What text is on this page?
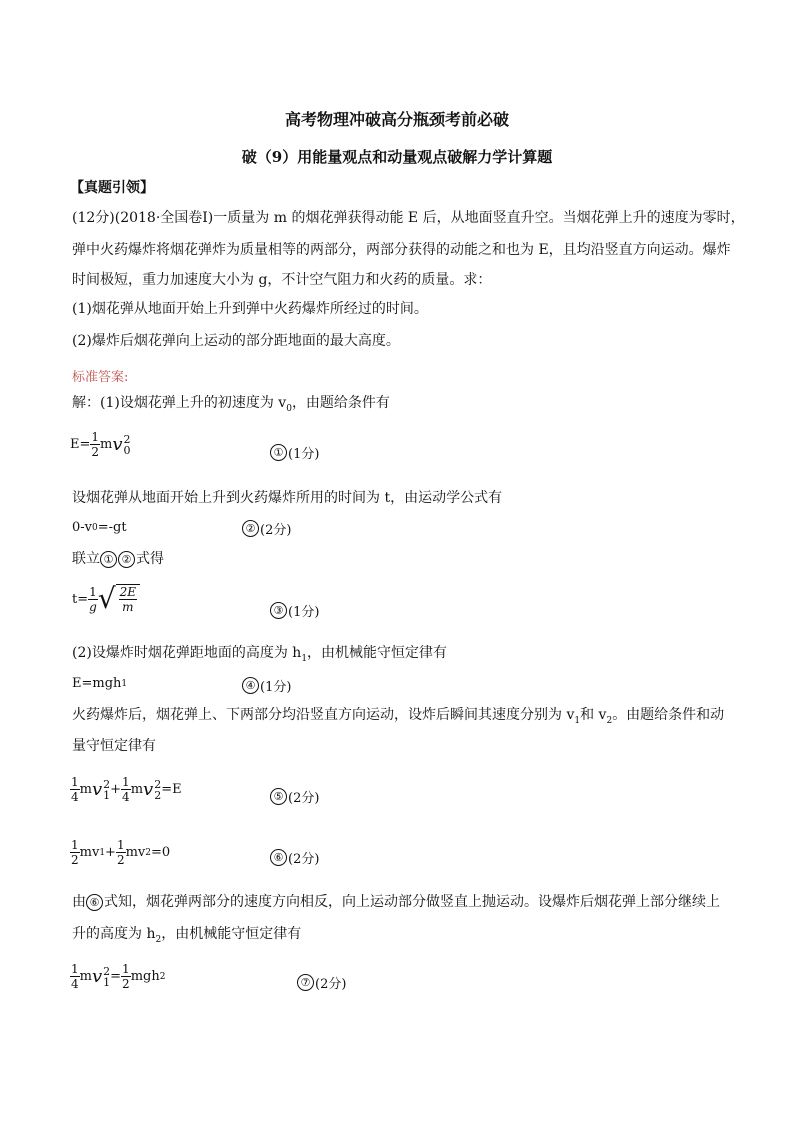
高考物理冲破高分瓶颈考前必破
破（9）用能量观点和动量观点破解力学计算题
【真题引领】
(12分)(2018·全国卷Ⅰ)一质量为 m 的烟花弹获得动能 E 后，从地面竖直升空。当烟花弹上升的速度为零时，
弹中火药爆炸将烟花弹炸为质量相等的两部分，两部分获得的动能之和也为 E，且均沿竖直方向运动。爆炸
时间极短，重力加速度大小为 g，不计空气阻力和火药的质量。求：
(1)烟花弹从地面开始上升到弹中火药爆炸所经过的时间。
(2)爆炸后烟花弹向上运动的部分距地面的最大高度。
标准答案:
解：(1)设烟花弹上升的初速度为 $v_0$，由题给条件有
$E= \frac{1}{2}$ m v 2
0	① (1分)
设烟花弹从地面开始上升到火药爆炸所用的时间为 t，由运动学公式有
0-v 0 =-gt	② (2分)
联立 ① ② 式得
$t= \frac{1}{g}$ √ $\frac{2E}{m}$	③ (1分)
(2)设爆炸时烟花弹距地面的高度为 $h_1$，由机械能守恒定律有
E=mgh 1	④ (1分)
火药爆炸后，烟花弹上、下两部分均沿竖直方向运动，设炸后瞬间其速度分别为 $v_1$和 $v_2$。由题给条件和动
量守恒定律有
$\frac{1}{4}$ m v 2
$1 + \frac{1}{4}$ m v 2
2 =E	⑤ (2分)
$\frac{1}{2}$ mv $1 + \frac{1}{2}$ mv 2 =0	⑥ (2分)
由 ⑥ 式知，烟花弹两部分的速度方向相反，向上运动部分做竖直上抛运动。设爆炸后烟花弹上部分继续上
升的高度为 $h_2$，由机械能守恒定律有
$\frac{1}{4}$ m v 2
$1 = \frac{1}{2}$ mgh 2	⑦ (2分)
